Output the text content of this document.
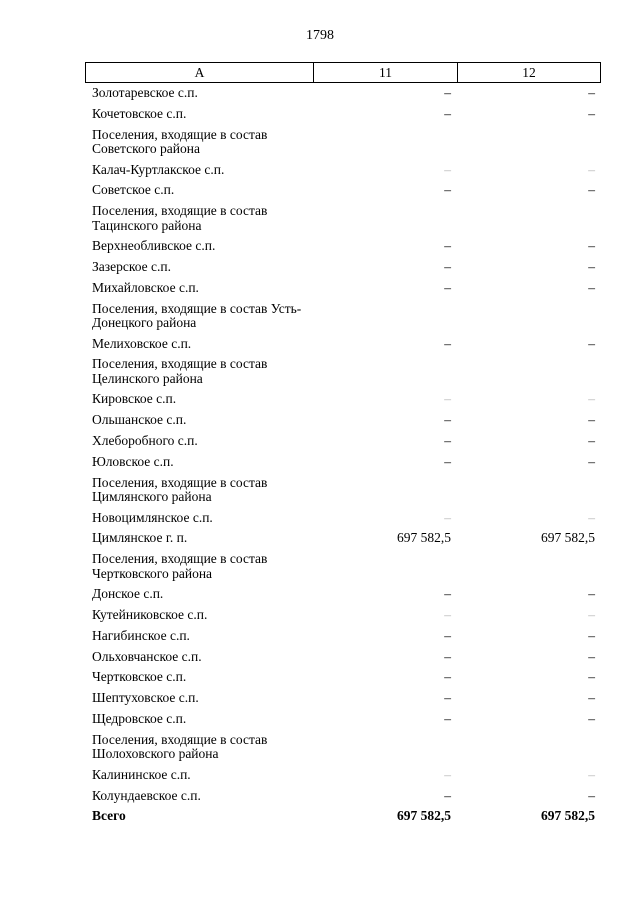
1798
А	11	12
Золотаревское с.п.	–	–
Кочетовское с.п.	–	–
Поселения, входящие в состав Советского района
Калач-Куртлакское с.п.	–	–
Советское с.п.	–	–
Поселения, входящие в состав Тацинского района
Верхнеобливское с.п.	–	–
Зазерское с.п.	–	–
Михайловское с.п.	–	–
Поселения, входящие в состав Усть-Донецкого района
Мелиховское с.п.	–	–
Поселения, входящие в состав Целинского района
Кировское с.п.	–	–
Ольшанское с.п.	–	–
Хлеборобного с.п.	–	–
Юловское с.п.	–	–
Поселения, входящие в состав Цимлянского района
Новоцимлянское с.п.	–	–
Цимлянское г. п.	697 582,5	697 582,5
Поселения, входящие в состав Чертковского района
Донское с.п.	–	–
Кутейниковское с.п.	–	–
Нагибинское с.п.	–	–
Ольховчанское с.п.	–	–
Чертковское с.п.	–	–
Шептуховское с.п.	–	–
Щедровское с.п.	–	–
Поселения, входящие в состав Шолоховского района
Калининское с.п.	–	–
Колундаевское с.п.	–	–
Всего	697 582,5	697 582,5
